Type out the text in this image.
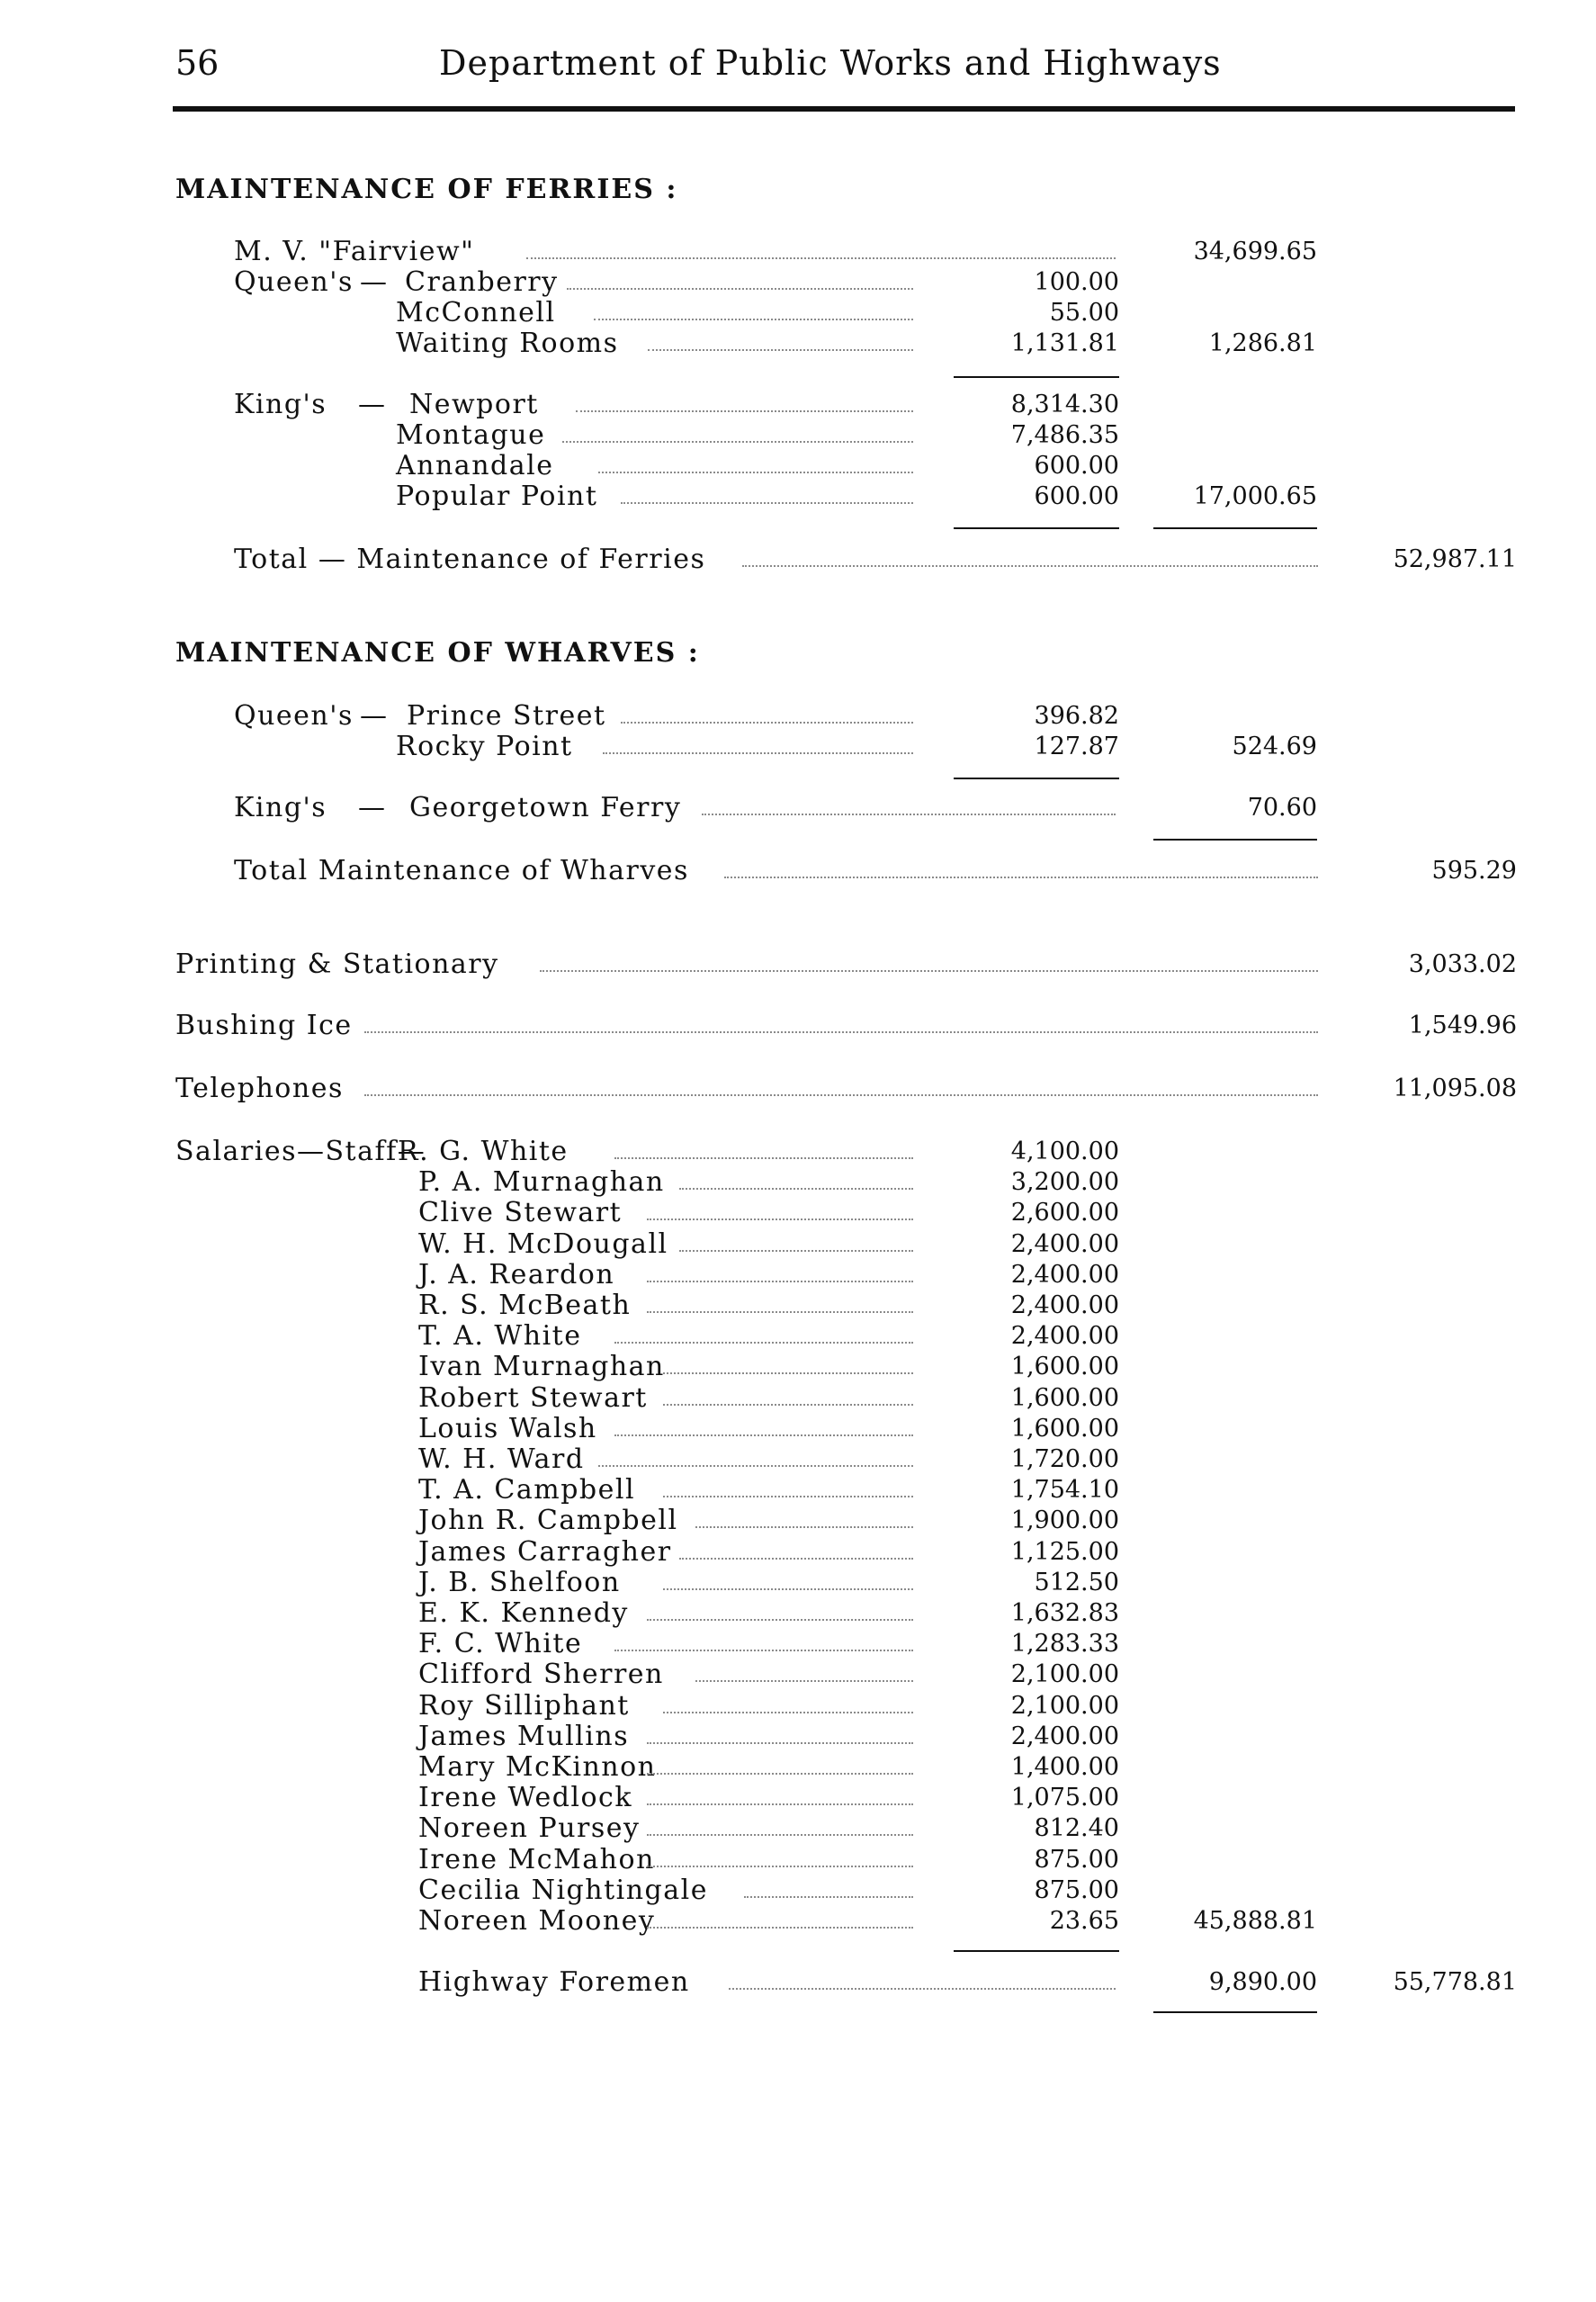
56	Department of Public Works and Highways
MAINTENANCE OF FERRIES :
M. V. "Fairview"	34,699.65
Queen's — Cranberry	100.00
McConnell	55.00
Waiting Rooms	1,131.81	1,286.81
King's — Newport	8,314.30
Montague	7,486.35
Annandale	600.00
Popular Point	600.00	17,000.65
Total — Maintenance of Ferries	52,987.11
MAINTENANCE OF WHARVES :
Queen's — Prince Street	396.82
Rocky Point	127.87	524.69
King's — Georgetown Ferry	70.60
Total Maintenance of Wharves	595.29
Printing & Stationary	3,033.02
Bushing Ice	1,549.96
Telephones	11,095.08
Salaries—Staff—
R. G. White	4,100.00
P. A. Murnaghan	3,200.00
Clive Stewart	2,600.00
W. H. McDougall	2,400.00
J. A. Reardon	2,400.00
R. S. McBeath	2,400.00
T. A. White	2,400.00
Ivan Murnaghan	1,600.00
Robert Stewart	1,600.00
Louis Walsh	1,600.00
W. H. Ward	1,720.00
T. A. Campbell	1,754.10
John R. Campbell	1,900.00
James Carragher	1,125.00
J. B. Shelfoon	512.50
E. K. Kennedy	1,632.83
F. C. White	1,283.33
Clifford Sherren	2,100.00
Roy Silliphant	2,100.00
James Mullins	2,400.00
Mary McKinnon	1,400.00
Irene Wedlock	1,075.00
Noreen Pursey	812.40
Irene McMahon	875.00
Cecilia Nightingale	875.00
Noreen Mooney	23.65	45,888.81
Highway Foremen	9,890.00	55,778.81
